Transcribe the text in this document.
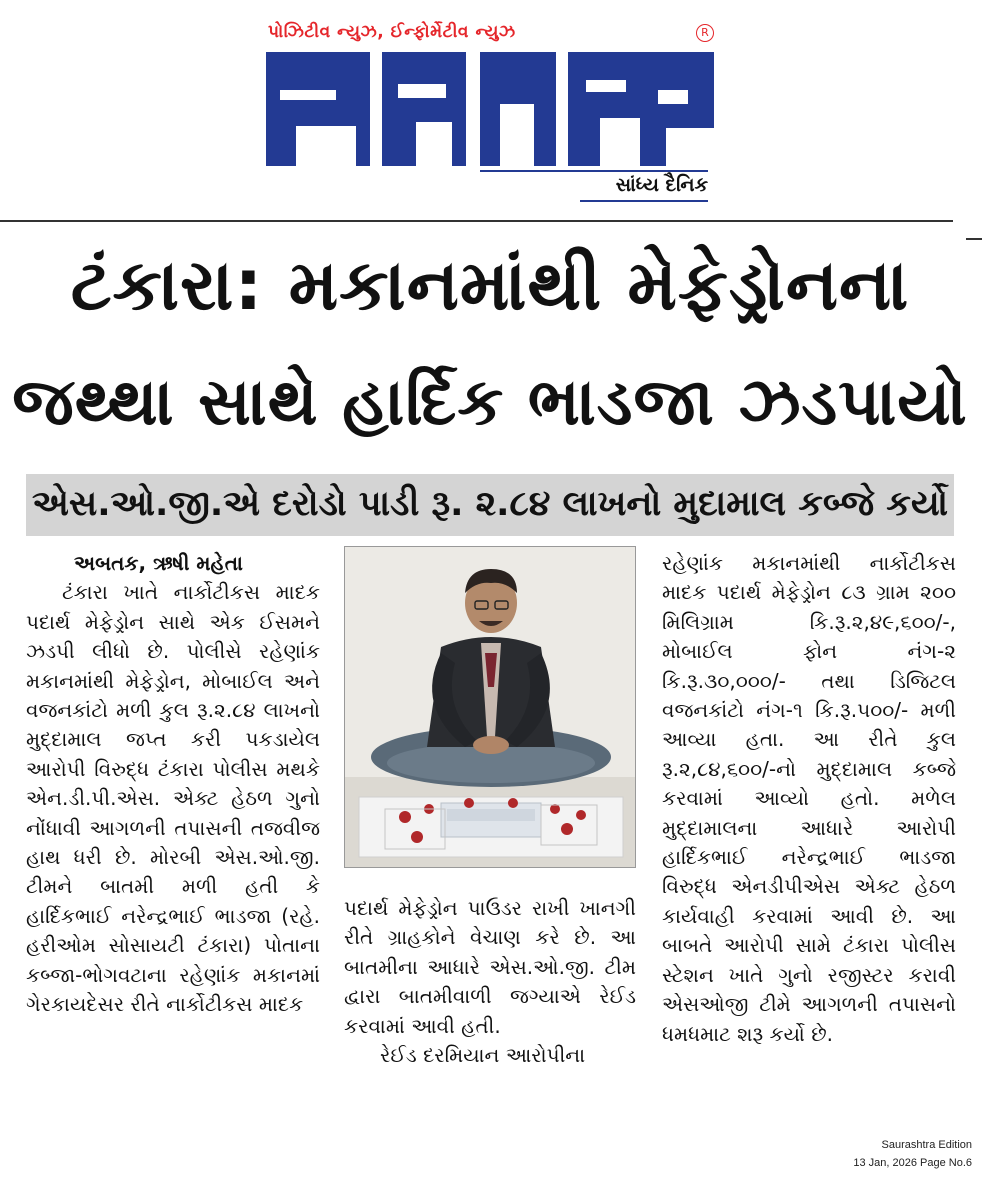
પોઝિટીવ ન્યુઝ, ઈન્ફોર્મેટીવ ન્યુઝ	R
સાંધ્ય દૈનિક
ટંકારા: મકાનમાંથી મેફેડ્રોનના
જથ્થા સાથે હાર્દિક ભાડજા ઝડપાયો
એસ.ઓ.જી.એ દરોડો પાડી રૂ. ૨.૮૪ લાખનો મુદામાલ કબ્જે કર્યો

અબતક, ઋષી મહેતા

ટંકારા ખાતે નાર્કોટીકસ માદક પદાર્થ મેફેડ્રોન સાથે એક ઈસમને ઝડપી લીધો છે. પોલીસે રહેણાંક મકાનમાંથી મેફેડ્રોન, મોબાઈલ અને વજનકાંટો મળી કુલ રૂ.૨.૮૪ લાખનો મુદ્દામાલ જપ્ત કરી પકડાયેલ આરોપી વિરુદ્ધ ટંકારા પોલીસ મથકે એન.ડી.પી.એસ. એક્ટ હેઠળ ગુનો નોંધાવી આગળની તપાસની તજવીજ હાથ ધરી છે. મોરબી એસ.ઓ.જી. ટીમને બાતમી મળી હતી કે હાર્દિકભાઈ નરેન્દ્રભાઈ ભાડજા (રહે. હરીઓમ સોસાયટી ટંકારા) પોતાના કબ્જા-ભોગવટાના રહેણાંક મકાનમાં ગેરકાયદેસર રીતે નાર્કોટીકસ માદક

પદાર્થ મેફેડ્રોન પાઉડર રાખી ખાનગી રીતે ગ્રાહકોને વેચાણ કરે છે. આ બાતમીના આધારે એસ.ઓ.જી. ટીમ દ્વારા બાતમીવાળી જગ્યાએ રેઈડ કરવામાં આવી હતી.

રેઈડ દરમિયાન આરોપીના

રહેણાંક મકાનમાંથી નાર્કોટીકસ માદક પદાર્થ મેફેડ્રોન ૮૩ ગ્રામ ૨૦૦ મિલિગ્રામ કિ.રૂ.૨,૪૯,૬૦૦/-, મોબાઈલ ફોન નંગ-૨ કિ.રૂ.૩૦,૦૦૦/- તથા ડિજિટલ વજનકાંટો નંગ-૧ કિ.રૂ.૫૦૦/- મળી આવ્યા હતા. આ રીતે કુલ રૂ.૨,૮૪,૬૦૦/-નો મુદ્દામાલ કબ્જે કરવામાં આવ્યો હતો. મળેલ મુદ્દામાલના આધારે આરોપી હાર્દિકભાઈ નરેન્દ્રભાઈ ભાડજા વિરુદ્ધ એનડીપીએસ એક્ટ હેઠળ કાર્યવાહી કરવામાં આવી છે. આ બાબતે આરોપી સામે ટંકારા પોલીસ સ્ટેશન ખાતે ગુનો રજીસ્ટર કરાવી એસઓજી ટીમે આગળની તપાસનો ધમધમાટ શરૂ કર્યો છે.

Saurashtra Edition
13 Jan, 2026 Page No.6
